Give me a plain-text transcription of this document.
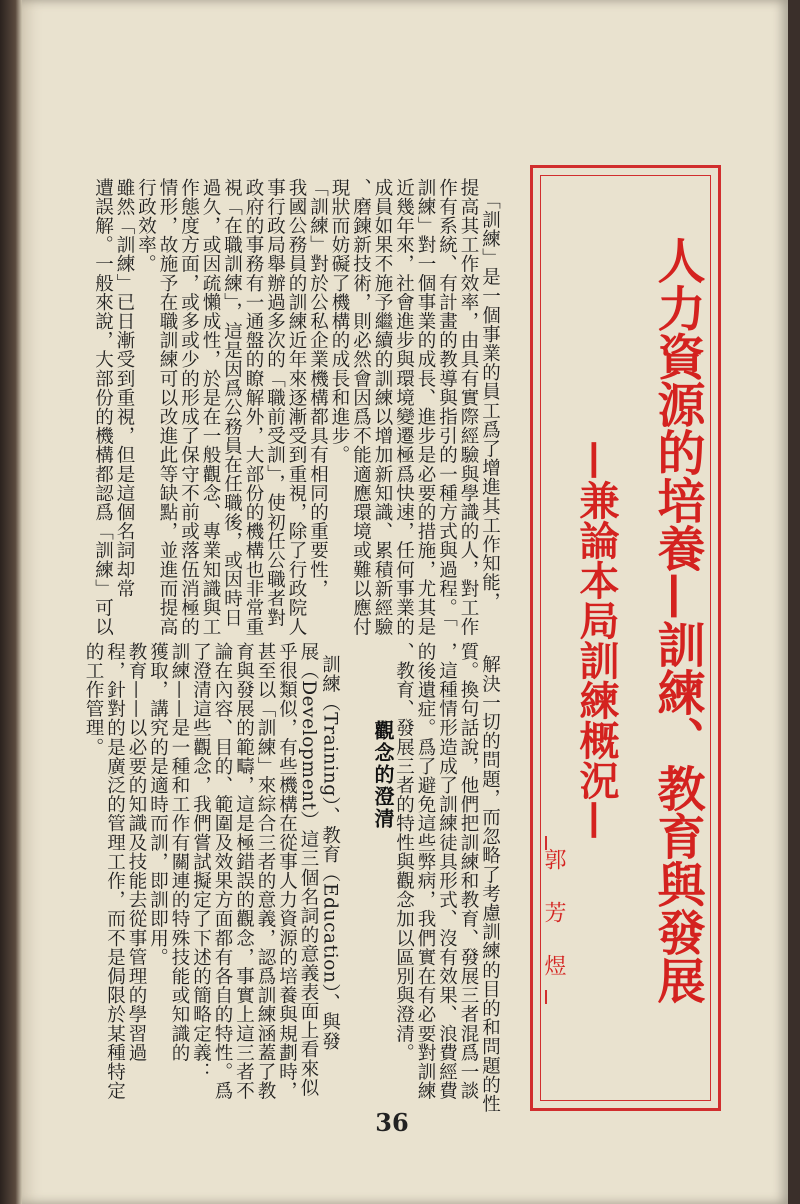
人力資源的培養—訓練、教育與發展
—兼論本局訓練概況—
郭 芳 煜

「訓練」是一個事業的員工爲了增進其工作知能，
提高其工作效率，由具有實際經驗與學識的人，對工作
作有系統、有計畫的教導與指引的一種方式與過程。「
訓練」對一個事業的成長、進步是必要的措施，尤其是
近幾年來，社會進步與環境變遷極爲快速，任何事業的
成員如果不施予繼續的訓練以增加新知識、累積新經驗
、磨鍊新技術，則必然會因爲不能適應環境或難以應付
現狀而妨礙了機構的成長和進步。
「訓練」對於公私企業機構都具有相同的重要性，
我國公務員的訓練近年來逐漸受到重視，除了行政院人
事行政局舉辦過多次的「職前受訓」，使初任公職者對
政府的事務有一通盤的瞭解外，大部份的機構也非常重
視「在職訓練」，這是因爲公務員在任職後，或因時日
過久，或因疏懶成性，於是在一般觀念、專業知識與工
作態度方面，或多或少的形成了保守不前或落伍消極的
情形，故施予在職訓練可以改進此等缺點，並進而提高
行政效率。
雖然「訓練」已日漸受到重視，但是這個名詞却常
遭誤解。一般來說，大部份的機構都認爲「訓練」可以

解決一切的問題，而忽略了考慮訓練的目的和問題的性
質。換句話說，他們把訓練和教育、發展三者混爲一談
，這種情形造成了訓練徒具形式、沒有效果、浪費經費
的後遺症。爲了避免這些弊病，我們實在有必要對訓練
、教育、發展三者的特性與觀念加以區別與澄清。

觀念的澄清

訓練（Training）、教育（Education）、與發
展（Development）這三個名詞的意義表面上看來似
乎很類似，有些機構在從事人力資源的培養與規劃時，
甚至以「訓練」來綜合三者的意義，認爲訓練涵蓋了教
育與發展的範疇，這是極錯誤的觀念，事實上這三者不
論在內容、目的、範圍及效果方面都有各自的特性。爲
了澄清這些觀念，我們嘗試擬定了下述的簡略定義：
訓練——是一種和工作有關連的特殊技能或知識的
獲取，講究的是適時而訓，即訓即用。
教育——以必要的知識及技能去從事管理的學習過
程，針對的是廣泛的管理工作，而不是侷限於某種特定
的工作管理。

36
